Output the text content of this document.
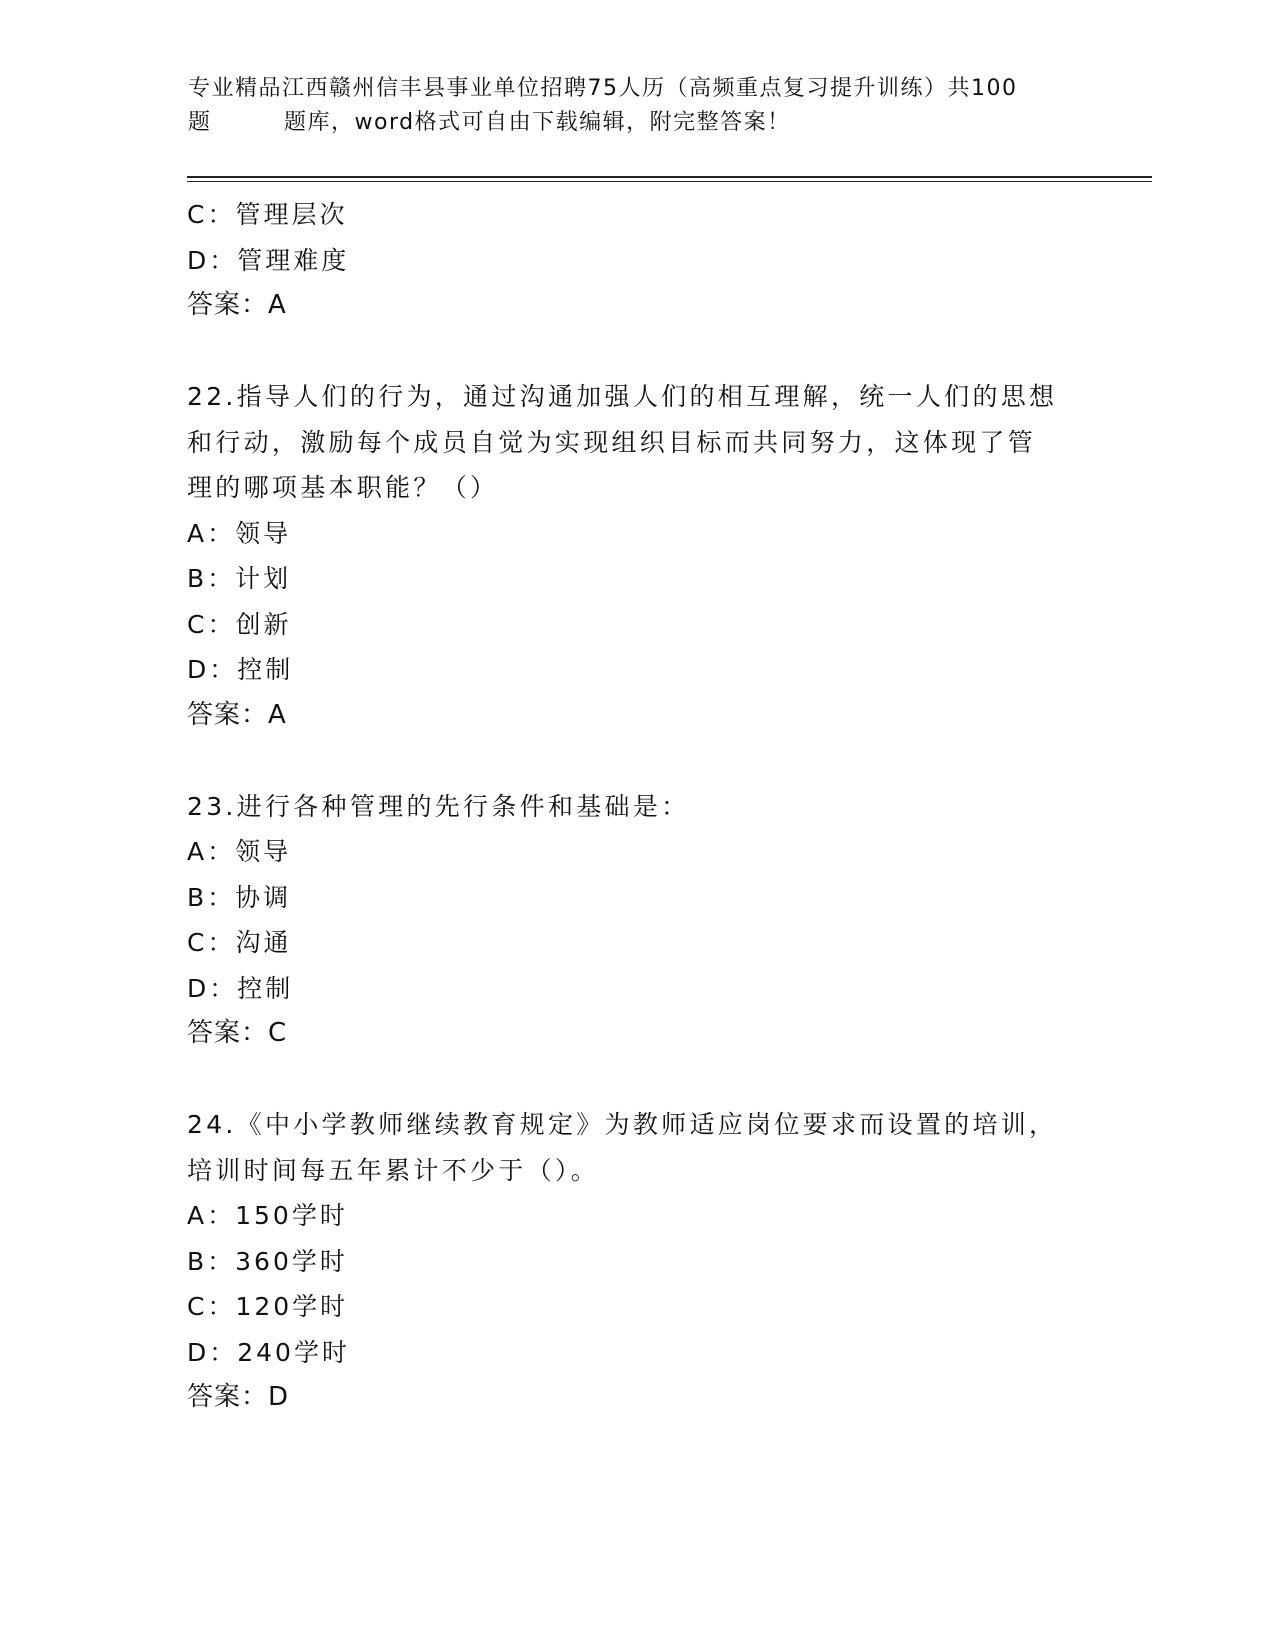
专业精品江西赣州信丰县事业单位招聘75人历（高频重点复习提升训练）共100
题	题库，word格式可自由下载编辑，附完整答案！
C：管理层次
D：管理难度
答案：A
22.指导人们的行为，通过沟通加强人们的相互理解，统一人们的思想
和行动，激励每个成员自觉为实现组织目标而共同努力，这体现了管
理的哪项基本职能？（）
A：领导
B：计划
C：创新
D：控制
答案：A
23.进行各种管理的先行条件和基础是：
A：领导
B：协调
C：沟通
D：控制
答案：C
24.《中小学教师继续教育规定》为教师适应岗位要求而设置的培训，
培训时间每五年累计不少于（）。
A：150学时
B：360学时
C：120学时
D：240学时
答案：D
